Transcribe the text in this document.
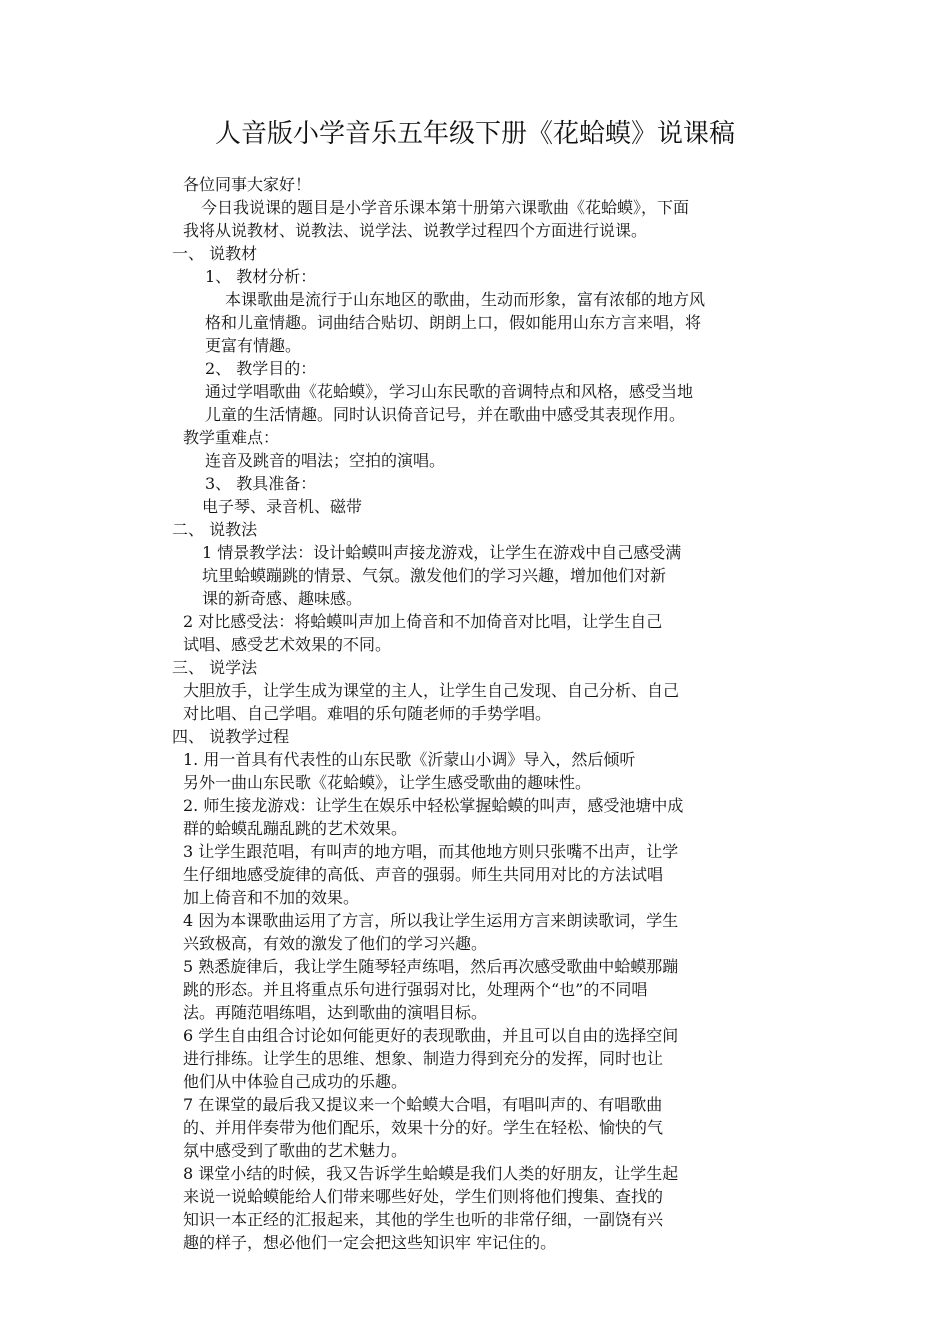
人音版小学音乐五年级下册《花蛤蟆》说课稿
各位同事大家好！
今日我说课的题目是小学音乐课本第十册第六课歌曲《花蛤蟆》，下面
我将从说教材、说教法、说学法、说教学过程四个方面进行说课。
一、 说教材
1、 教材分析：
本课歌曲是流行于山东地区的歌曲，生动而形象，富有浓郁的地方风
格和儿童情趣。词曲结合贴切、朗朗上口，假如能用山东方言来唱，将
更富有情趣。
2、 教学目的：
通过学唱歌曲《花蛤蟆》，学习山东民歌的音调特点和风格，感受当地
儿童的生活情趣。同时认识倚音记号，并在歌曲中感受其表现作用。
教学重难点：
连音及跳音的唱法；空拍的演唱。
3、 教具准备：
电子琴、录音机、磁带
二、 说教法
1 情景教学法：设计蛤蟆叫声接龙游戏，让学生在游戏中自己感受满
坑里蛤蟆蹦跳的情景、气氛。激发他们的学习兴趣，增加他们对新
课的新奇感、趣味感。
2 对比感受法：将蛤蟆叫声加上倚音和不加倚音对比唱，让学生自己
试唱、感受艺术效果的不同。
三、 说学法
大胆放手，让学生成为课堂的主人，让学生自己发现、自己分析、自己
对比唱、自己学唱。难唱的乐句随老师的手势学唱。
四、 说教学过程
1. 用一首具有代表性的山东民歌《沂蒙山小调》导入，然后倾听
另外一曲山东民歌《花蛤蟆》，让学生感受歌曲的趣味性。
2. 师生接龙游戏：让学生在娱乐中轻松掌握蛤蟆的叫声，感受池塘中成
群的蛤蟆乱蹦乱跳的艺术效果。
3 让学生跟范唱，有叫声的地方唱，而其他地方则只张嘴不出声，让学
生仔细地感受旋律的高低、声音的强弱。师生共同用对比的方法试唱
加上倚音和不加的效果。
4 因为本课歌曲运用了方言，所以我让学生运用方言来朗读歌词，学生
兴致极高，有效的激发了他们的学习兴趣。
5 熟悉旋律后，我让学生随琴轻声练唱，然后再次感受歌曲中蛤蟆那蹦
跳的形态。并且将重点乐句进行强弱对比，处理两个“也”的不同唱
法。再随范唱练唱，达到歌曲的演唱目标。
6 学生自由组合讨论如何能更好的表现歌曲，并且可以自由的选择空间
进行排练。让学生的思维、想象、制造力得到充分的发挥，同时也让
他们从中体验自己成功的乐趣。
7 在课堂的最后我又提议来一个蛤蟆大合唱，有唱叫声的、有唱歌曲
的、并用伴奏带为他们配乐，效果十分的好。学生在轻松、愉快的气
氛中感受到了歌曲的艺术魅力。
8 课堂小结的时候，我又告诉学生蛤蟆是我们人类的好朋友，让学生起
来说一说蛤蟆能给人们带来哪些好处，学生们则将他们搜集、查找的
知识一本正经的汇报起来，其他的学生也听的非常仔细，一副饶有兴
趣的样子，想必他们一定会把这些知识牢 牢记住的。
